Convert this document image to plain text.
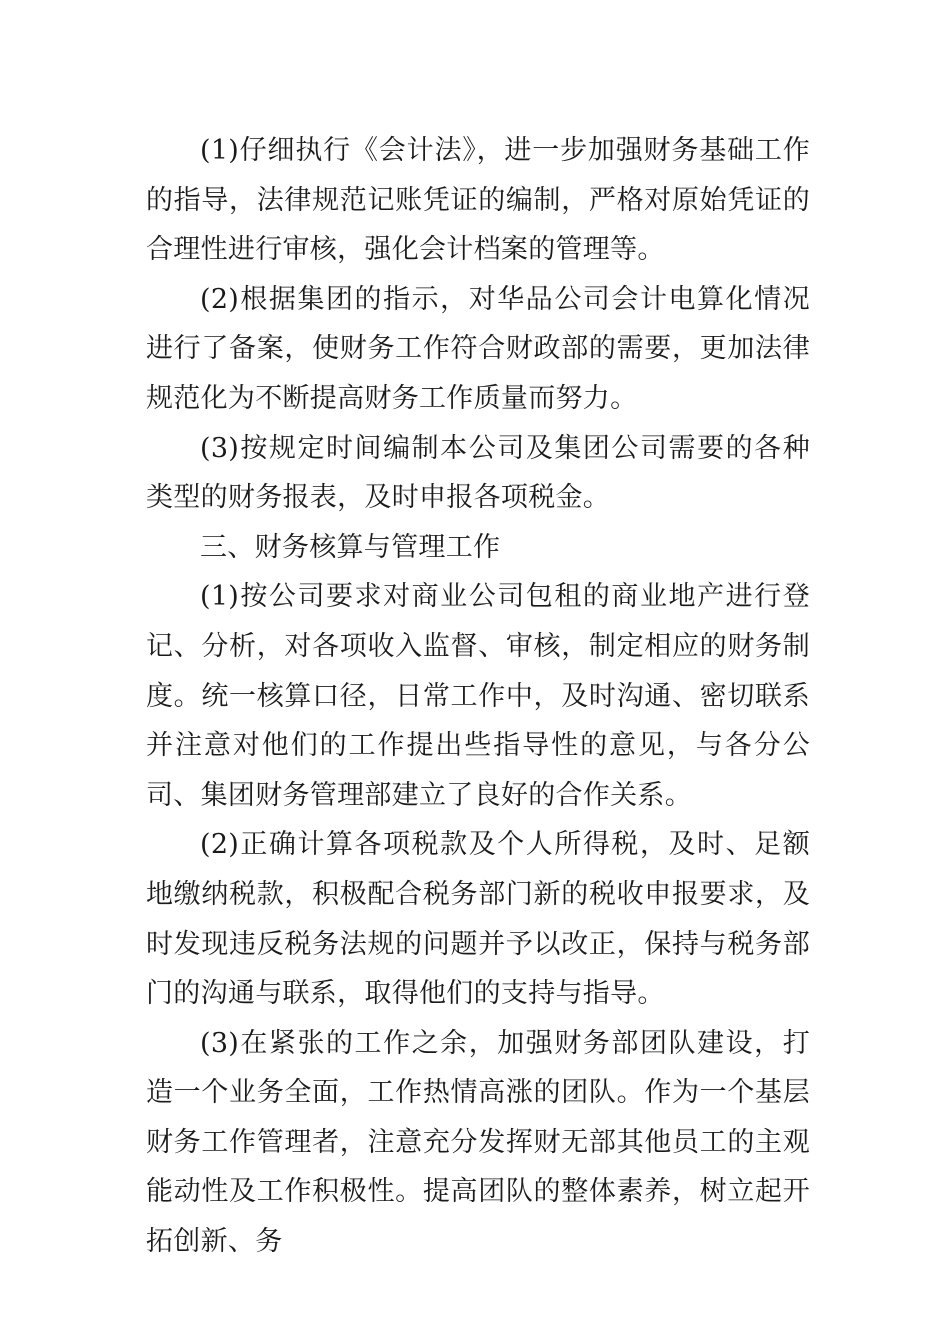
(1)仔细执行《会计法》，进一步加强财务基础工作的指导，法律规范记账凭证的编制，严格对原始凭证的合理性进行审核，强化会计档案的管理等。

(2)根据集团的指示，对华品公司会计电算化情况进行了备案，使财务工作符合财政部的需要，更加法律规范化为不断提高财务工作质量而努力。

(3)按规定时间编制本公司及集团公司需要的各种类型的财务报表，及时申报各项税金。

三、财务核算与管理工作

(1)按公司要求对商业公司包租的商业地产进行登记、分析，对各项收入监督、审核，制定相应的财务制度。统一核算口径，日常工作中，及时沟通、密切联系并注意对他们的工作提出些指导性的意见，与各分公司、集团财务管理部建立了良好的合作关系。

(2)正确计算各项税款及个人所得税，及时、足额地缴纳税款，积极配合税务部门新的税收申报要求，及时发现违反税务法规的问题并予以改正，保持与税务部门的沟通与联系，取得他们的支持与指导。

(3)在紧张的工作之余，加强财务部团队建设，打造一个业务全面，工作热情高涨的团队。作为一个基层财务工作管理者，注意充分发挥财无部其他员工的主观能动性及工作积极性。提高团队的整体素养，树立起开拓创新、务
